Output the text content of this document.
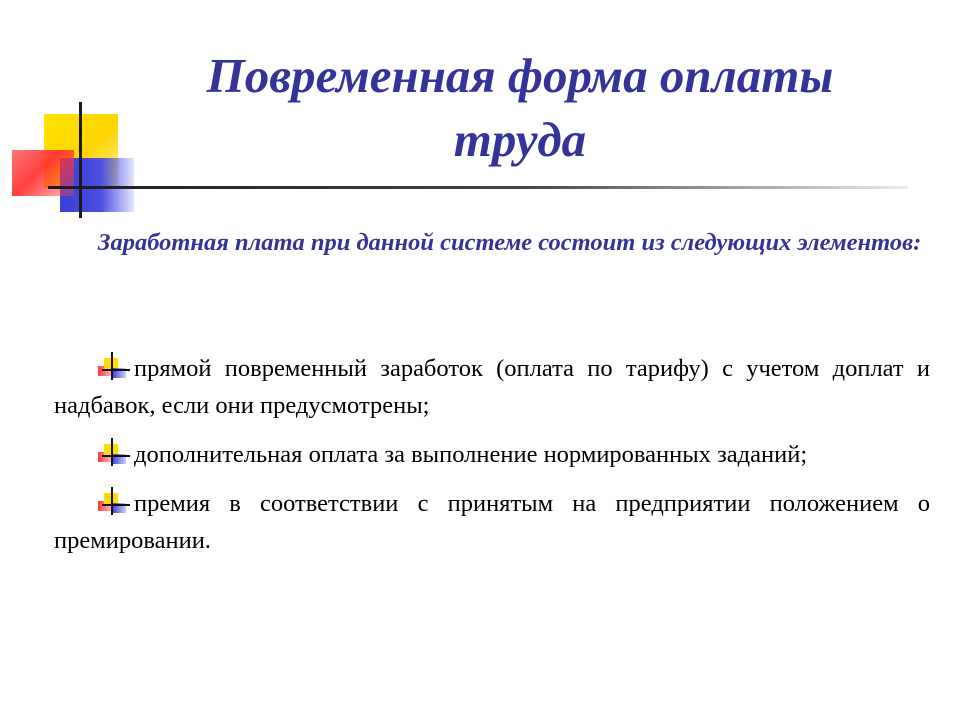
Повременная форма оплаты
труда

Заработная плата при данной системе состоит из следующих элементов:

прямой повременный заработок (оплата по тарифу) с учетом доплат и надбавок, если они предусмотрены;
дополнительная оплата за выполнение нормированных заданий;
премия в соответствии с принятым на предприятии положением о премировании.
